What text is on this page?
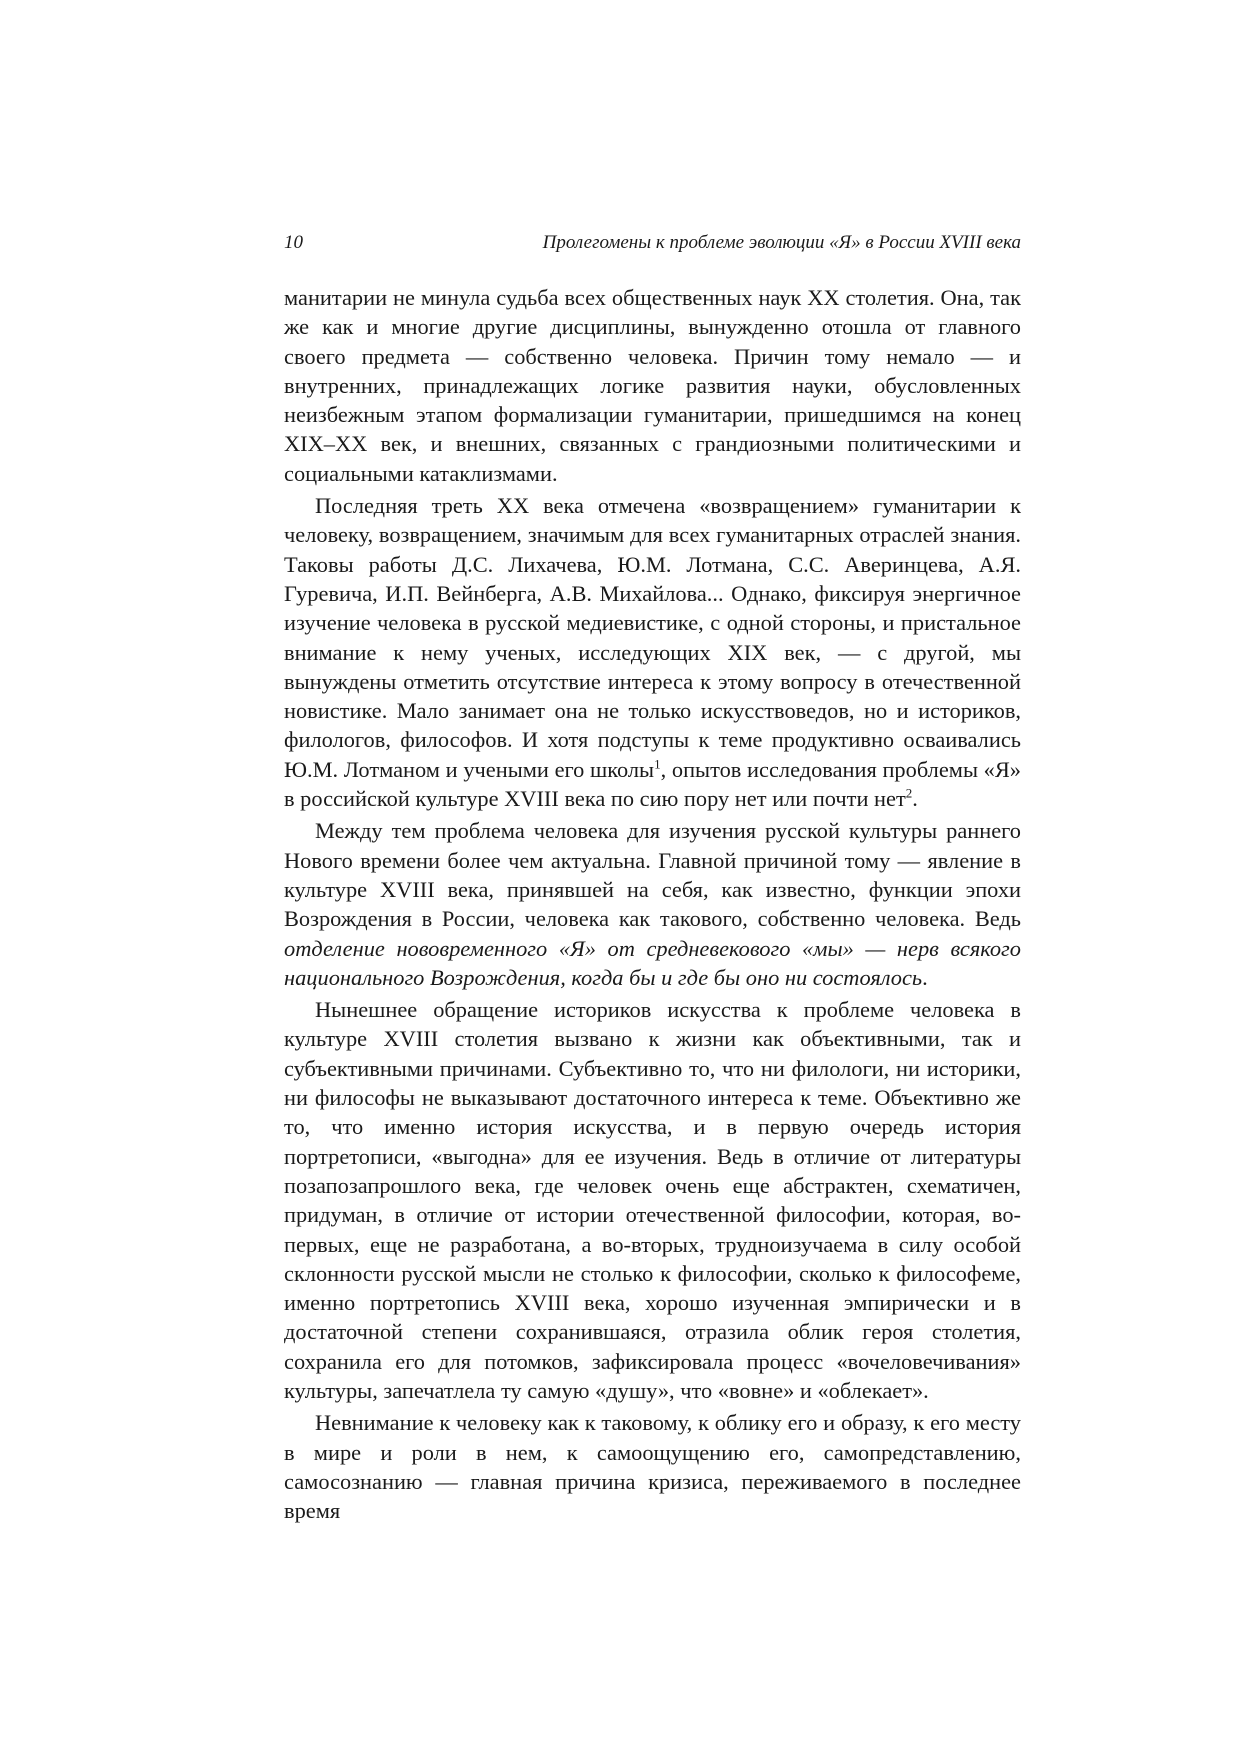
10	Пролегомены к проблеме эволюции «Я» в России XVIII века

манитарии не минула судьба всех общественных наук XX столетия. Она, так же как и многие другие дисциплины, вынужденно отошла от главного своего предмета — собственно человека. Причин тому немало — и внутренних, принадлежащих логике развития науки, обусловленных неизбежным этапом формализации гуманитарии, пришедшимся на конец XIX–XX век, и внешних, связанных с грандиозными политическими и социальными катаклизмами.

Последняя треть XX века отмечена «возвращением» гуманитарии к человеку, возвращением, значимым для всех гуманитарных отраслей знания. Таковы работы Д.С. Лихачева, Ю.М. Лотмана, С.С. Аверинцева, А.Я. Гуревича, И.П. Вейнберга, А.В. Михайлова... Однако, фиксируя энергичное изучение человека в русской медиевистике, с одной стороны, и пристальное внимание к нему ученых, исследующих XIX век, — с другой, мы вынуждены отметить отсутствие интереса к этому вопросу в отечественной новистике. Мало занимает она не только искусствоведов, но и историков, филологов, философов. И хотя подступы к теме продуктивно осваивались Ю.М. Лотманом и учеными его школы$^1$, опытов исследования проблемы «Я» в российской культуре XVIII века по сию пору нет или почти нет$^2$.

Между тем проблема человека для изучения русской культуры раннего Нового времени более чем актуальна. Главной причиной тому — явление в культуре XVIII века, принявшей на себя, как известно, функции эпохи Возрождения в России, человека как такового, собственно человека. Ведь отделение нововременного «Я» от средневекового «мы» — нерв всякого национального Возрождения, когда бы и где бы оно ни состоялось.

Нынешнее обращение историков искусства к проблеме человека в культуре XVIII столетия вызвано к жизни как объективными, так и субъективными причинами. Субъективно то, что ни филологи, ни историки, ни философы не выказывают достаточного интереса к теме. Объективно же то, что именно история искусства, и в первую очередь история портретописи, «выгодна» для ее изучения. Ведь в отличие от литературы позапозапрошлого века, где человек очень еще абстрактен, схематичен, придуман, в отличие от истории отечественной философии, которая, во-первых, еще не разработана, а во-вторых, трудноизучаема в силу особой склонности русской мысли не столько к философии, сколько к философеме, именно портретопись XVIII века, хорошо изученная эмпирически и в достаточной степени сохранившаяся, отразила облик героя столетия, сохранила его для потомков, зафиксировала процесс «вочеловечивания» культуры, запечатлела ту самую «душу», что «вовне» и «облекает».

Невнимание к человеку как к таковому, к облику его и образу, к его месту в мире и роли в нем, к самоощущению его, самопредставлению, самосознанию — главная причина кризиса, переживаемого в последнее время
